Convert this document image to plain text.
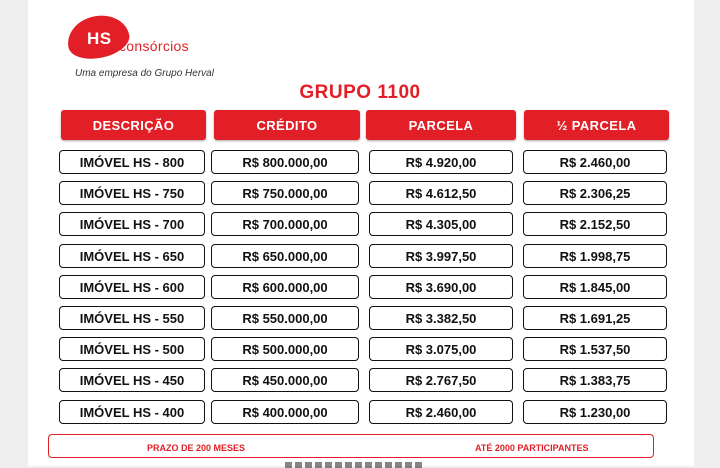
HS consórcios
Uma empresa do Grupo Herval
GRUPO 1100
DESCRIÇÃO	CRÉDITO	PARCELA	½ PARCELA
IMÓVEL HS - 800	R$ 800.000,00	R$ 4.920,00	R$ 2.460,00
IMÓVEL HS - 750	R$ 750.000,00	R$ 4.612,50	R$ 2.306,25
IMÓVEL HS - 700	R$ 700.000,00	R$ 4.305,00	R$ 2.152,50
IMÓVEL HS - 650	R$ 650.000,00	R$ 3.997,50	R$ 1.998,75
IMÓVEL HS - 600	R$ 600.000,00	R$ 3.690,00	R$ 1.845,00
IMÓVEL HS - 550	R$ 550.000,00	R$ 3.382,50	R$ 1.691,25
IMÓVEL HS - 500	R$ 500.000,00	R$ 3.075,00	R$ 1.537,50
IMÓVEL HS - 450	R$ 450.000,00	R$ 2.767,50	R$ 1.383,75
IMÓVEL HS - 400	R$ 400.000,00	R$ 2.460,00	R$ 1.230,00
PRAZO DE 200 MESES	ATÉ 2000 PARTICIPANTES
